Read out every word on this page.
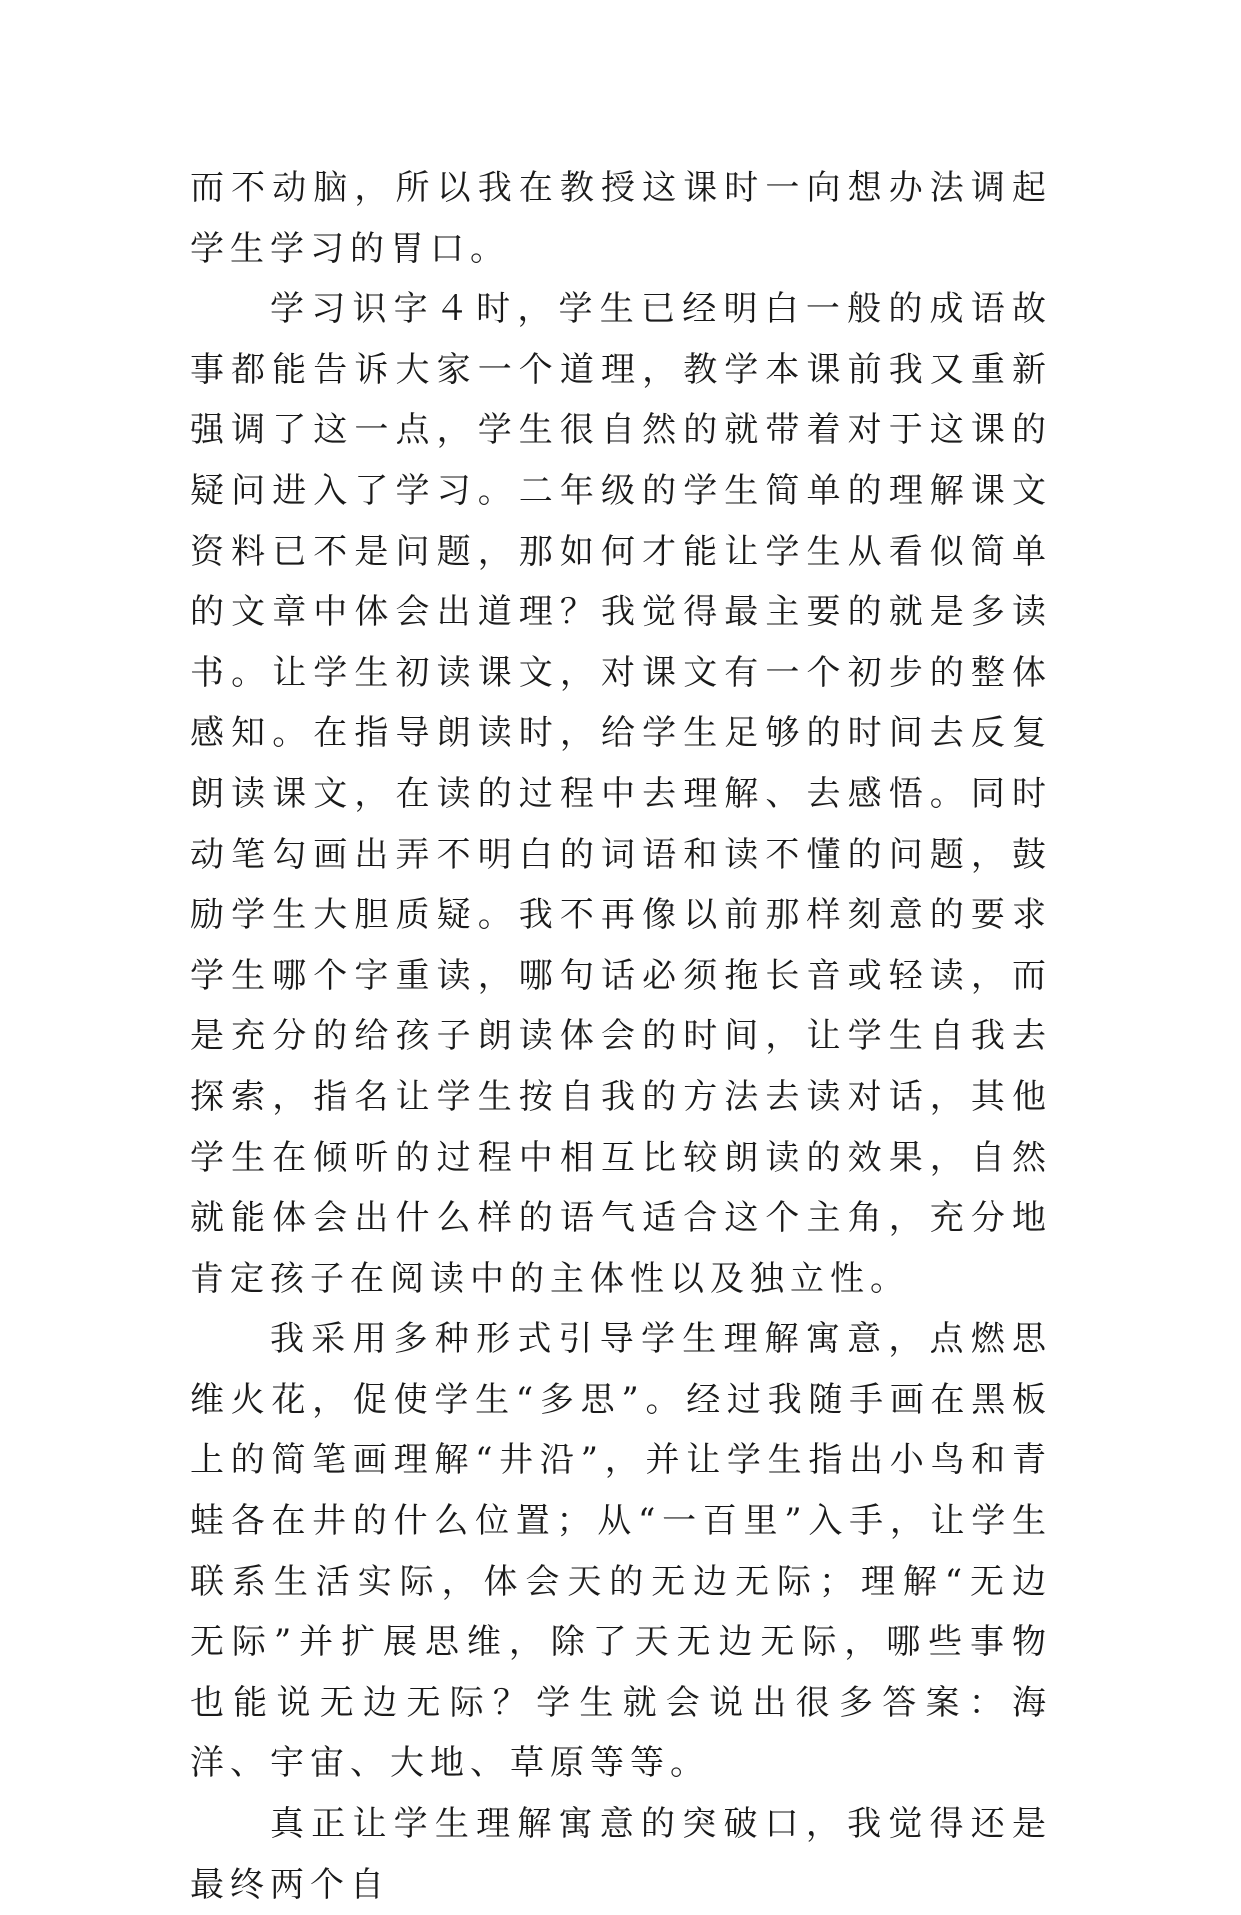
而不动脑，所以我在教授这课时一向想办法调起学生学习的胃口。

学习识字４时，学生已经明白一般的成语故事都能告诉大家一个道理，教学本课前我又重新强调了这一点，学生很自然的就带着对于这课的疑问进入了学习。二年级的学生简单的理解课文资料已不是问题，那如何才能让学生从看似简单的文章中体会出道理？我觉得最主要的就是多读书。让学生初读课文，对课文有一个初步的整体感知。在指导朗读时，给学生足够的时间去反复朗读课文，在读的过程中去理解、去感悟。同时动笔勾画出弄不明白的词语和读不懂的问题，鼓励学生大胆质疑。我不再像以前那样刻意的要求学生哪个字重读，哪句话必须拖长音或轻读，而是充分的给孩子朗读体会的时间，让学生自我去探索，指名让学生按自我的方法去读对话，其他学生在倾听的过程中相互比较朗读的效果，自然就能体会出什么样的语气适合这个主角，充分地肯定孩子在阅读中的主体性以及独立性。

我采用多种形式引导学生理解寓意，点燃思维火花，促使学生“多思”。经过我随手画在黑板上的简笔画理解“井沿”，并让学生指出小鸟和青蛙各在井的什么位置；从“一百里”入手，让学生联系生活实际，体会天的无边无际；理解“无边无际”并扩展思维，除了天无边无际，哪些事物也能说无边无际？学生就会说出很多答案：海洋、宇宙、大地、草原等等。

真正让学生理解寓意的突破口，我觉得还是最终两个自
